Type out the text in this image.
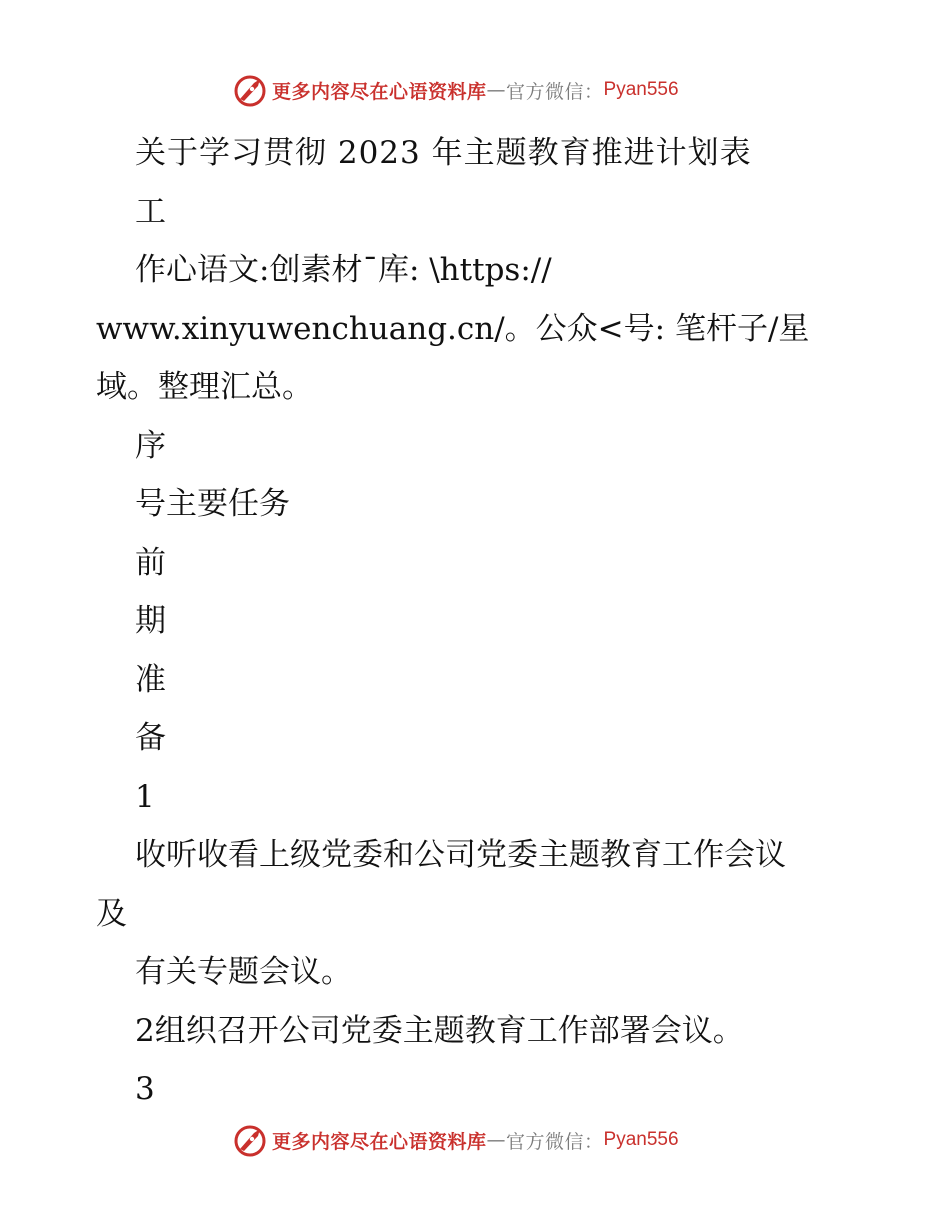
更多内容尽在心语资料库 — 官方微信： Pyan556
关于学习贯彻 2023 年主题教育推进计划表
工
作心语文:创素材¯库: \https://
www.xinyuwenchuang.cn/。公众<号: 笔杆子/星
域。整理汇总。
序
号主要任务
前
期
准
备
1
收听收看上级党委和公司党委主题教育工作会议
及
有关专题会议。
2组织召开公司党委主题教育工作部署会议。
3
更多内容尽在心语资料库 — 官方微信： Pyan556
